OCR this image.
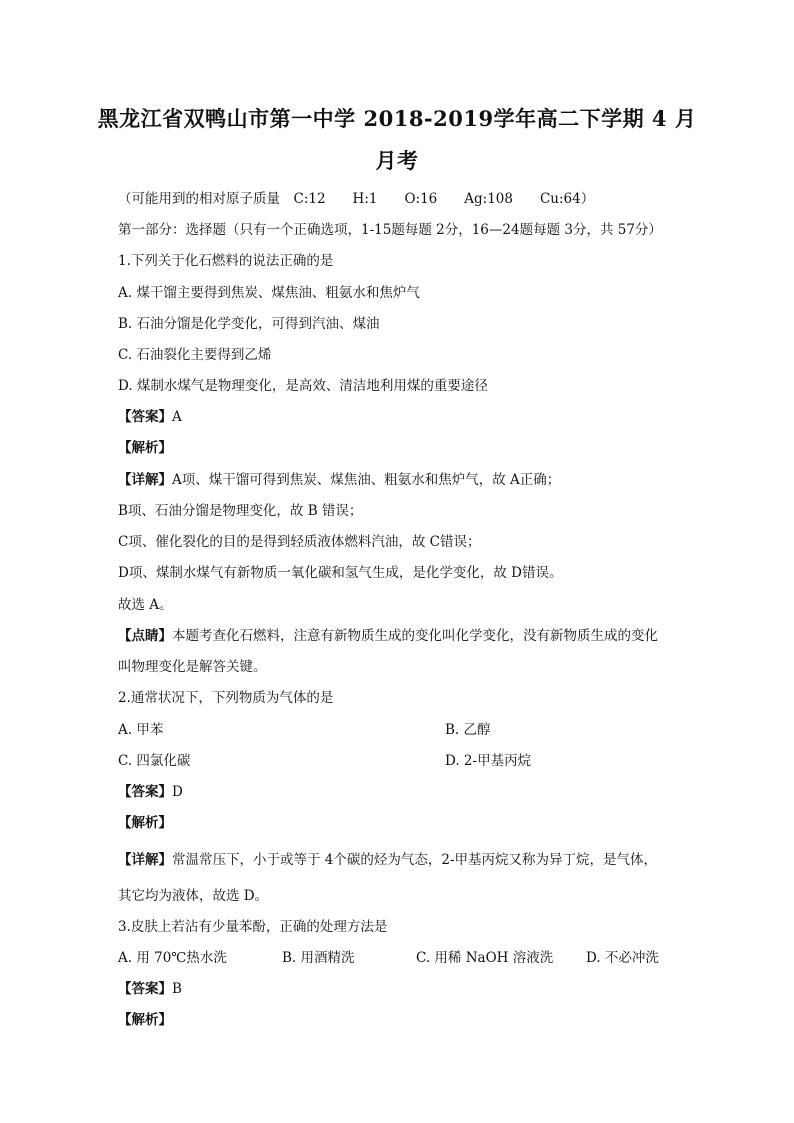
黑龙江省双鸭山市第一中学 2018-2019学年高二下学期 4 月
月考
（可能用到的相对原子质量　C:12　　H:1　　O:16　　Ag:108　　Cu:64）
第一部分：选择题（只有一个正确选项，1-15题每题 2分，16—24题每题 3分，共 57分）
1.下列关于化石燃料的说法正确的是
A. 煤干馏主要得到焦炭、煤焦油、粗氨水和焦炉气
B. 石油分馏是化学变化，可得到汽油、煤油
C. 石油裂化主要得到乙烯
D. 煤制水煤气是物理变化，是高效、清洁地利用煤的重要途径
【答案】A
【解析】
【详解】A项、煤干馏可得到焦炭、煤焦油、粗氨水和焦炉气，故 A正确；
B项、石油分馏是物理变化，故 B 错误；
C项、催化裂化的目的是得到轻质液体燃料汽油，故 C错误；
D项、煤制水煤气有新物质一氧化碳和氢气生成，是化学变化，故 D错误。
故选 A。
【点睛】本题考查化石燃料，注意有新物质生成的变化叫化学变化，没有新物质生成的变化
叫物理变化是解答关键。
2.通常状况下，下列物质为气体的是
A. 甲苯	B. 乙醇
C. 四氯化碳	D. 2-甲基丙烷
【答案】D
【解析】
【详解】常温常压下，小于或等于 4个碳的烃为气态，2-甲基丙烷又称为异丁烷，是气体，
其它均为液体，故选 D。
3.皮肤上若沾有少量苯酚，正确的处理方法是
A. 用 70℃热水洗	B. 用酒精洗	C. 用稀 NaOH 溶液洗 D. 不必冲洗
【答案】B
【解析】
